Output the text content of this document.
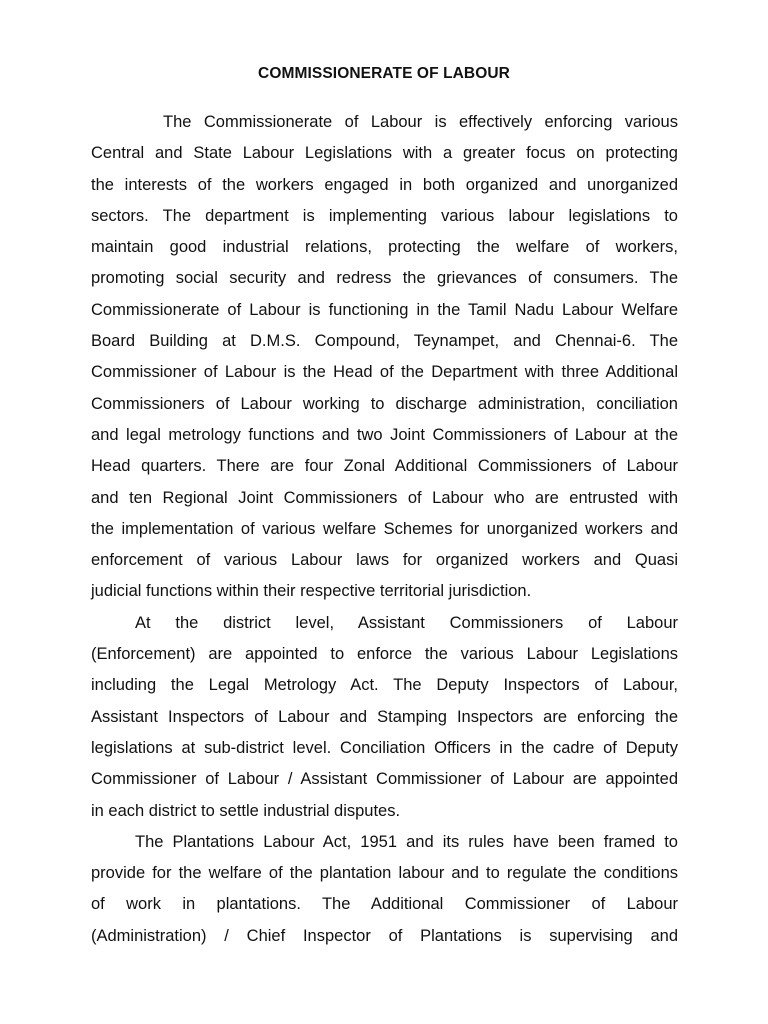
COMMISSIONERATE OF LABOUR
The Commissionerate of Labour is effectively enforcing various
Central and State Labour Legislations with a greater focus on protecting
the interests of the workers engaged in both organized and unorganized
sectors. The department is implementing various labour legislations to
maintain good industrial relations, protecting the welfare of workers,
promoting social security and redress the grievances of consumers. The
Commissionerate of Labour is functioning in the Tamil Nadu Labour Welfare
Board Building at D.M.S. Compound, Teynampet, and Chennai-6. The
Commissioner of Labour is the Head of the Department with three Additional
Commissioners of Labour working to discharge administration, conciliation
and legal metrology functions and two Joint Commissioners of Labour at the
Head quarters. There are four Zonal Additional Commissioners of Labour
and ten Regional Joint Commissioners of Labour who are entrusted with
the implementation of various welfare Schemes for unorganized workers and
enforcement of various Labour laws for organized workers and Quasi
judicial functions within their respective territorial jurisdiction.
At the district level, Assistant Commissioners of Labour
(Enforcement) are appointed to enforce the various Labour Legislations
including the Legal Metrology Act. The Deputy Inspectors of Labour,
Assistant Inspectors of Labour and Stamping Inspectors are enforcing the
legislations at sub-district level. Conciliation Officers in the cadre of Deputy
Commissioner of Labour / Assistant Commissioner of Labour are appointed
in each district to settle industrial disputes.
The Plantations Labour Act, 1951 and its rules have been framed to
provide for the welfare of the plantation labour and to regulate the conditions
of work in plantations. The Additional Commissioner of Labour
(Administration) / Chief Inspector of Plantations is supervising and
